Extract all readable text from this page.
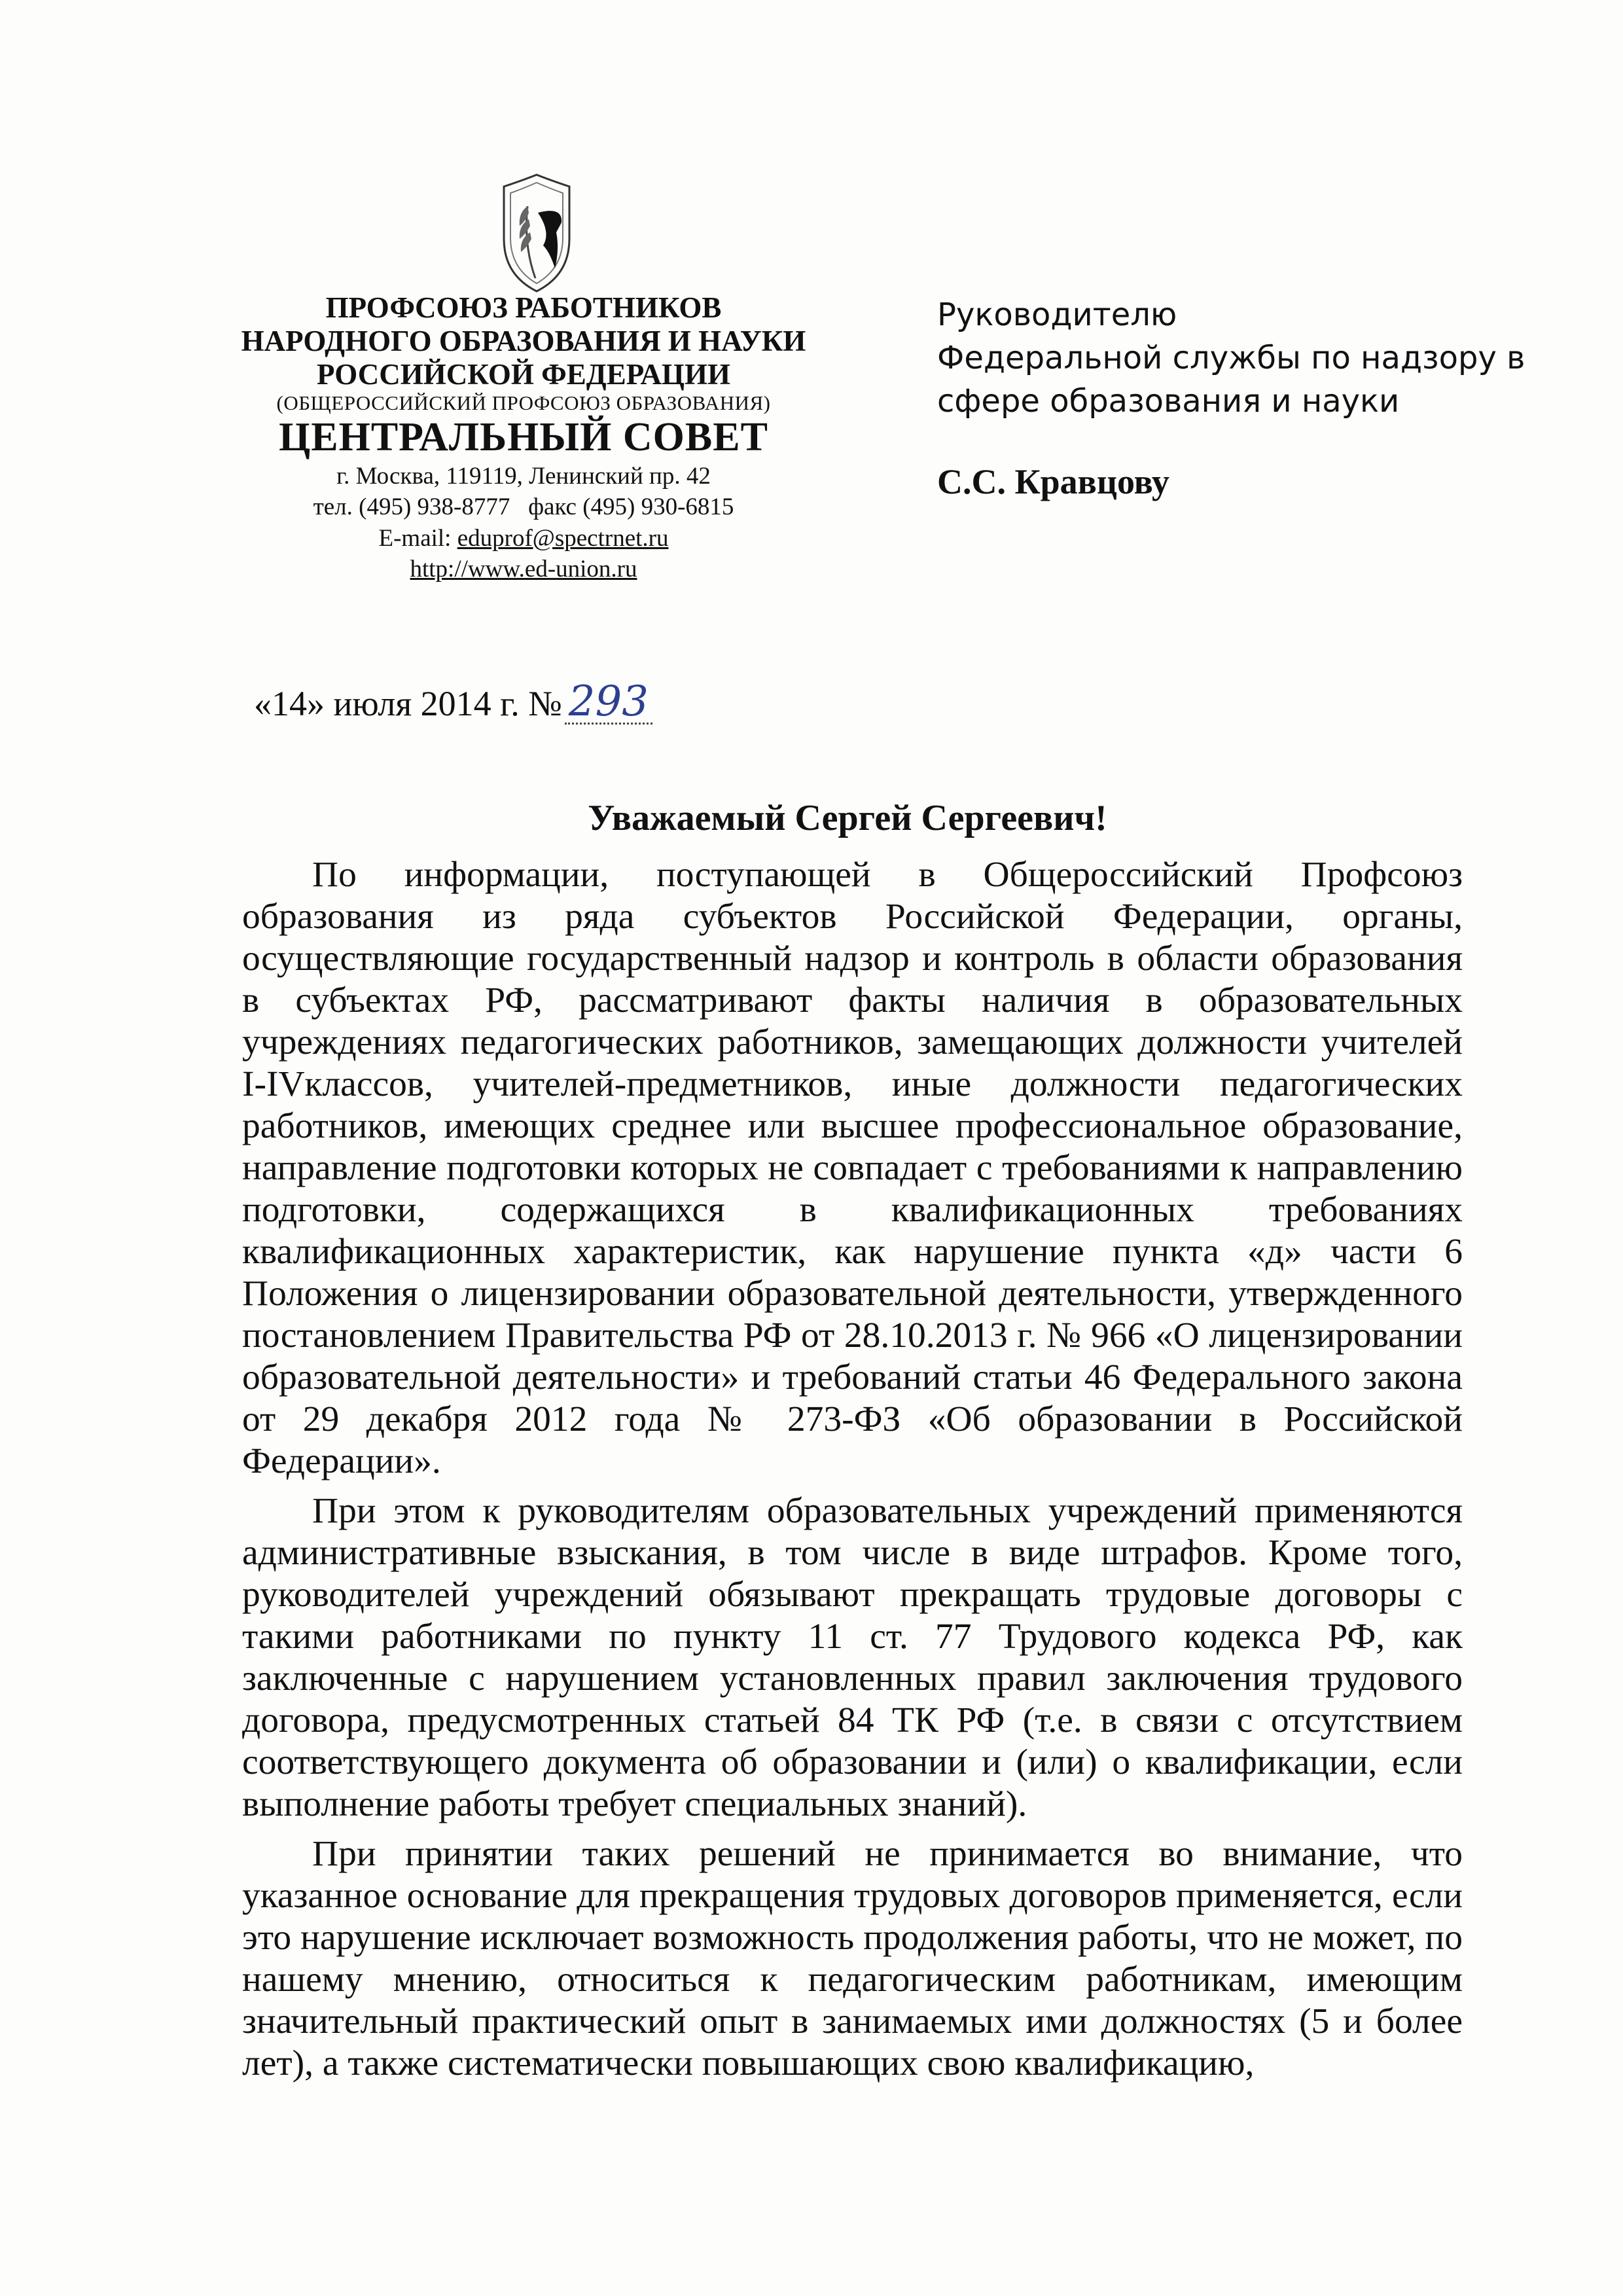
ПРОФСОЮЗ РАБОТНИКОВ
НАРОДНОГО ОБРАЗОВАНИЯ И НАУКИ
РОССИЙСКОЙ ФЕДЕРАЦИИ
(ОБЩЕРОССИЙСКИЙ ПРОФСОЮЗ ОБРАЗОВАНИЯ)
ЦЕНТРАЛЬНЫЙ СОВЕТ
г. Москва, 119119, Ленинский пр. 42
тел. (495) 938-8777   факс (495) 930-6815
E-mail: eduprof@spectrnet.ru
http://www.ed-union.ru
Руководителю
Федеральной службы по надзору в
сфере образования и науки
С.С. Кравцову
«14» июля 2014 г. № 293
Уважаемый Сергей Сергеевич!

По информации, поступающей в Общероссийский Профсоюз образования из ряда субъектов Российской Федерации, органы, осуществляющие государственный надзор и контроль в области образования в субъектах РФ, рассматривают факты наличия в образовательных учреждениях педагогических работников, замещающих должности учителей I-IVклассов, учителей-предметников, иные должности педагогических работников, имеющих среднее или высшее профессиональное образование, направление подготовки которых не совпадает с требованиями к направлению подготовки, содержащихся в квалификационных требованиях квалификационных характеристик, как нарушение пункта «д» части 6 Положения о лицензировании образовательной деятельности, утвержденного постановлением Правительства РФ от 28.10.2013 г. № 966 «О лицензировании образовательной деятельности» и требований статьи 46 Федерального закона от 29 декабря 2012 года № 273-ФЗ «Об образовании в Российской Федерации».

При этом к руководителям образовательных учреждений применяются административные взыскания, в том числе в виде штрафов. Кроме того, руководителей учреждений обязывают прекращать трудовые договоры с такими работниками по пункту 11 ст. 77 Трудового кодекса РФ, как заключенные с нарушением установленных правил заключения трудового договора, предусмотренных статьей 84 ТК РФ (т.е. в связи с отсутствием соответствующего документа об образовании и (или) о квалификации, если выполнение работы требует специальных знаний).

При принятии таких решений не принимается во внимание, что указанное основание для прекращения трудовых договоров применяется, если это нарушение исключает возможность продолжения работы, что не может, по нашему мнению, относиться к педагогическим работникам, имеющим значительный практический опыт в занимаемых ими должностях (5 и более лет), а также систематически повышающих свою квалификацию,
